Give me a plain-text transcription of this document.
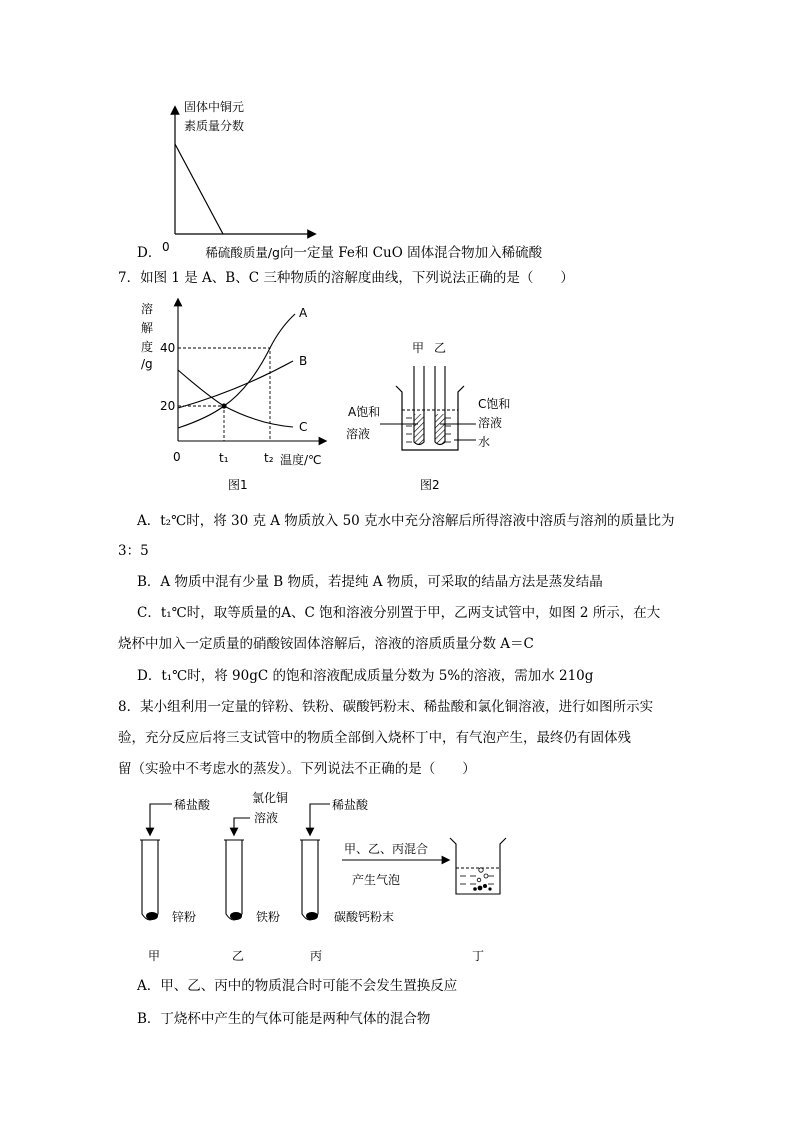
固体中铜元
素质量分数
0
D．	稀硫酸质量/g向一定量 Fe和 CuO 固体混合物加入稀硫酸
7．如图 1 是 A、B、C 三种物质的溶解度曲线，下列说法正确的是（　　）
溶
解
度
/g
40
20
0	t₁	t₂ 温度/℃
A
B
C
图1
甲 乙
A饱和
溶液
C饱和
溶液
水
图2
A．t₂℃时，将 30 克 A 物质放入 50 克水中充分溶解后所得溶液中溶质与溶剂的质量比为
3：5
B．A 物质中混有少量 B 物质，若提纯 A 物质，可采取的结晶方法是蒸发结晶
C．t₁℃时，取等质量的A、C 饱和溶液分别置于甲，乙两支试管中，如图 2 所示，在大
烧杯中加入一定质量的硝酸铵固体溶解后，溶液的溶质质量分数 A＝C
D．t₁℃时，将 90gC 的饱和溶液配成质量分数为 5%的溶液，需加水 210g
8．某小组利用一定量的锌粉、铁粉、碳酸钙粉末、稀盐酸和氯化铜溶液，进行如图所示实
验，充分反应后将三支试管中的物质全部倒入烧杯丁中，有气泡产生，最终仍有固体残
留（实验中不考虑水的蒸发）。下列说法不正确的是（　　）
稀盐酸
锌粉
甲
氯化铜
溶液
铁粉
乙
稀盐酸
碳酸钙粉末
丙
甲、乙、丙混合
产生气泡
丁
A．甲、乙、丙中的物质混合时可能不会发生置换反应
B．丁烧杯中产生的气体可能是两种气体的混合物
